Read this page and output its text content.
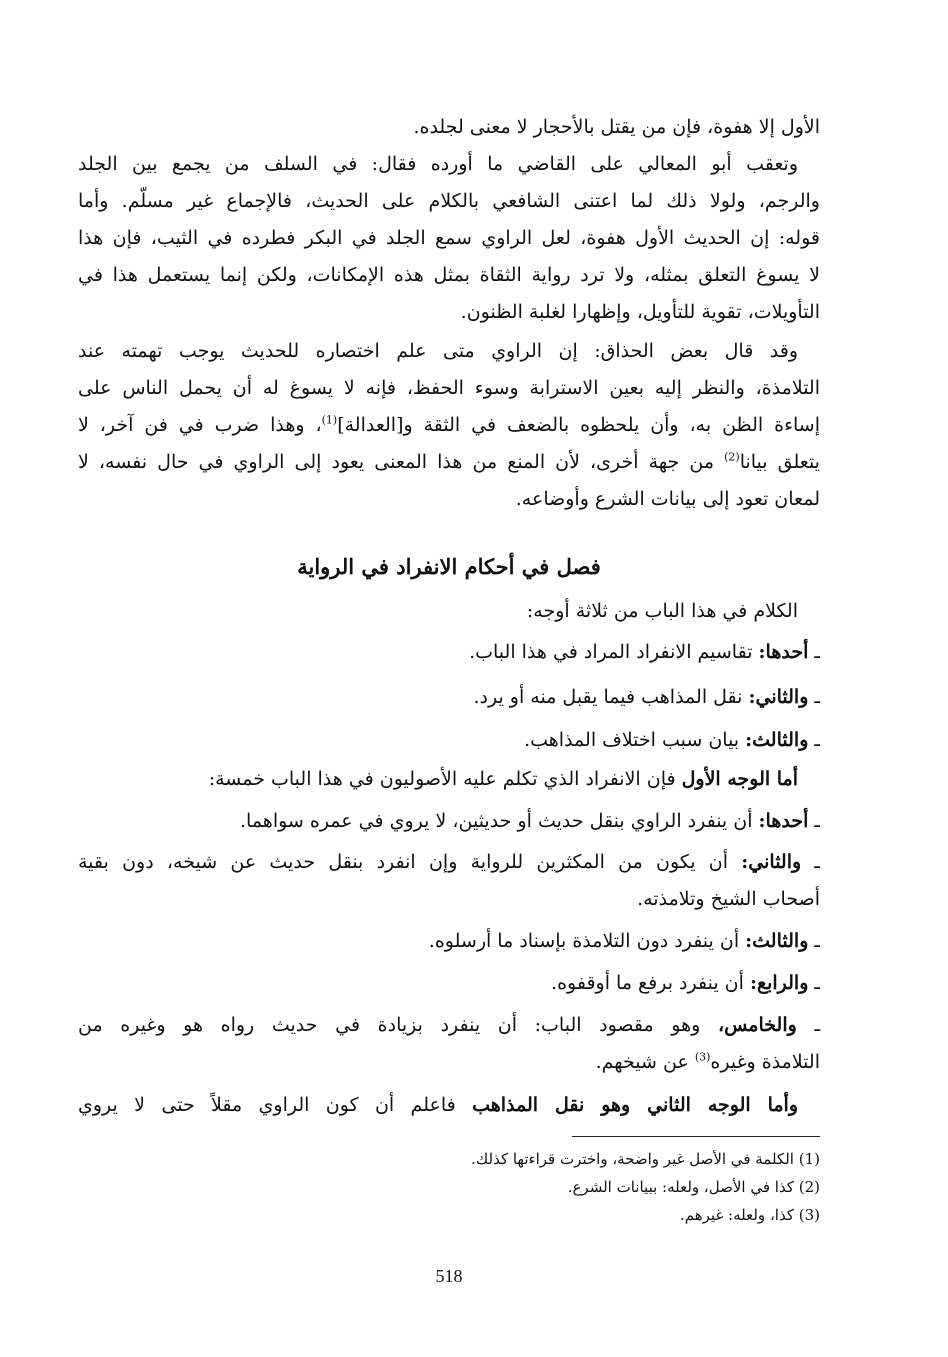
الأول إلا هفوة، فإن من يقتل بالأحجار لا معنى لجلده.
وتعقب أبو المعالي على القاضي ما أورده فقال: في السلف من يجمع بين الجلد
والرجم، ولولا ذلك لما اعتنى الشافعي بالكلام على الحديث، فالإجماع غير مسلّم. وأما
قوله: إن الحديث الأول هفوة، لعل الراوي سمع الجلد في البكر فطرده في الثيب، فإن هذا
لا يسوغ التعلق بمثله، ولا ترد رواية الثقاة بمثل هذه الإمكانات، ولكن إنما يستعمل هذا في
التأويلات، تقوية للتأويل، وإظهارا لغلبة الظنون.
وقد قال بعض الحذاق: إن الراوي متى علم اختصاره للحديث يوجب تهمته عند
التلامذة، والنظر إليه بعين الاسترابة وسوء الحفظ، فإنه لا يسوغ له أن يحمل الناس على
إساءة الظن به، وأن يلحظوه بالضعف في الثقة و[العدالة]$^{(1)}$، وهذا ضرب في فن آخر، لا
يتعلق بيانا$^{(2)}$ من جهة أخرى، لأن المنع من هذا المعنى يعود إلى الراوي في حال نفسه، لا
لمعان تعود إلى بيانات الشرع وأوضاعه.
فصل في أحكام الانفراد في الرواية
الكلام في هذا الباب من ثلاثة أوجه:
ـ أحدها: تقاسيم الانفراد المراد في هذا الباب.
ـ والثاني: نقل المذاهب فيما يقبل منه أو يرد.
ـ والثالث: بيان سبب اختلاف المذاهب.
أما الوجه الأول فإن الانفراد الذي تكلم عليه الأصوليون في هذا الباب خمسة:
ـ أحدها: أن ينفرد الراوي بنقل حديث أو حديثين، لا يروي في عمره سواهما.
ـ والثاني: أن يكون من المكثرين للرواية وإن انفرد بنقل حديث عن شيخه، دون بقية
أصحاب الشيخ وتلامذته.
ـ والثالث: أن ينفرد دون التلامذة بإسناد ما أرسلوه.
ـ والرابع: أن ينفرد برفع ما أوقفوه.
ـ والخامس، وهو مقصود الباب: أن ينفرد بزيادة في حديث رواه هو وغيره من
التلامذة وغيره$^{(3)}$ عن شيخهم.
وأما الوجه الثاني وهو نقل المذاهب فاعلم أن كون الراوي مقلاً حتى لا يروي
(1) الكلمة في الأصل غير واضحة، واخترت قراءتها كذلك.
(2) كذا في الأصل، ولعله: ببيانات الشرع.
(3) كذا، ولعله: غيرهم.
518
